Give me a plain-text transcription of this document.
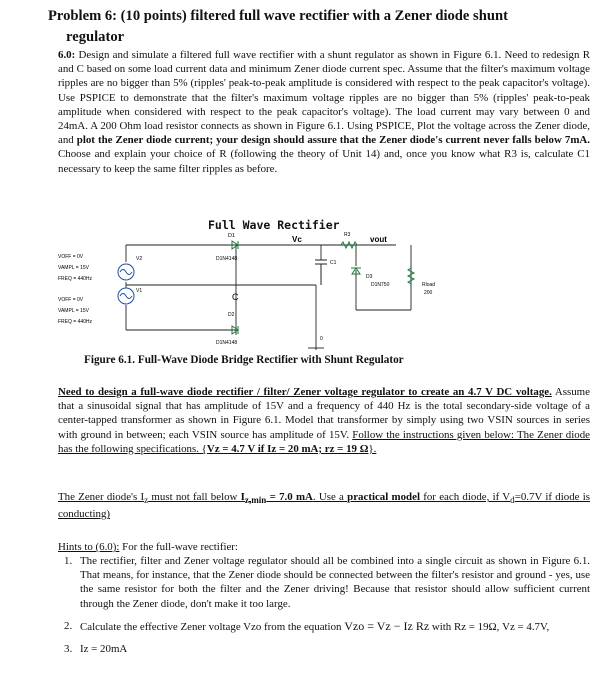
Problem 6: (10 points) filtered full wave rectifier with a Zener diode shunt
regulator
6.0: Design and simulate a filtered full wave rectifier with a shunt regulator as shown in Figure 6.1. Need to redesign R and C based on some load current data and minimum Zener diode current spec. Assume that the filter's maximum voltage ripples are no bigger than 5% (ripples' peak-to-peak amplitude is considered with respect to the peak capacitor's voltage). Use PSPICE to demonstrate that the filter's maximum voltage ripples are no bigger than 5% (ripples' peak-to-peak amplitude when considered with respect to the peak capacitor's voltage). The load current may vary between 0 and 24mA. A 200 Ohm load resistor connects as shown in Figure 6.1. Using PSPICE, Plot the voltage across the Zener diode, and plot the Zener diode current; your design should assure that the Zener diode's current never falls below 7mA. Choose and explain your choice of R (following the theory of Unit 14) and, once you know what R3 is, calculate C1 necessary to keep the same filter ripples as before.
Full Wave Rectifier
D1
D1N4148
Vc	R3 vout
C1
D3
D1N750	Rload
200
C
D2
D1N4148
V2
V1
0
VOFF = 0V
VAMPL = 15V
FREQ = 440Hz
VOFF = 0V
VAMPL = 15V
FREQ = 440Hz
Figure 6.1. Full-Wave Diode Bridge Rectifier with Shunt Regulator
Need to design a full-wave diode rectifier / filter/ Zener voltage regulator to create an 4.7 V DC voltage. Assume that a sinusoidal signal that has amplitude of 15V and a frequency of 440 Hz is the total secondary-side voltage of a center-tapped transformer as shown in Figure 6.1. Model that transformer by simply using two VSIN sources in series with ground in between; each VSIN source has amplitude of 15V. Follow the instructions given below: The Zener diode has the following specifications. {Vz = 4.7 V if Iz = 20 mA; rz = 19 Ω}.
The Zener diode's $I_z$ must not fall below $I_{z,min} = 7.0$ mA. Use a practical model for each diode, if $V_d=0.7V$ if diode is conducting)
Hints to (6.0): For the full-wave rectifier:
1. The rectifier, filter and Zener voltage regulator should all be combined into a single circuit as shown in Figure 6.1. That means, for instance, that the Zener diode should be connected between the filter's resistor and ground - yes, use the same resistor for both the filter and the Zener driving! Because that resistor should allow sufficient current through the Zener diode, don't make it too large.
2. Calculate the effective Zener voltage Vzo from the equation Vzo = Vz − Iz Rz with Rz = 19Ω, Vz = 4.7V,
3. Iz = 20mA
